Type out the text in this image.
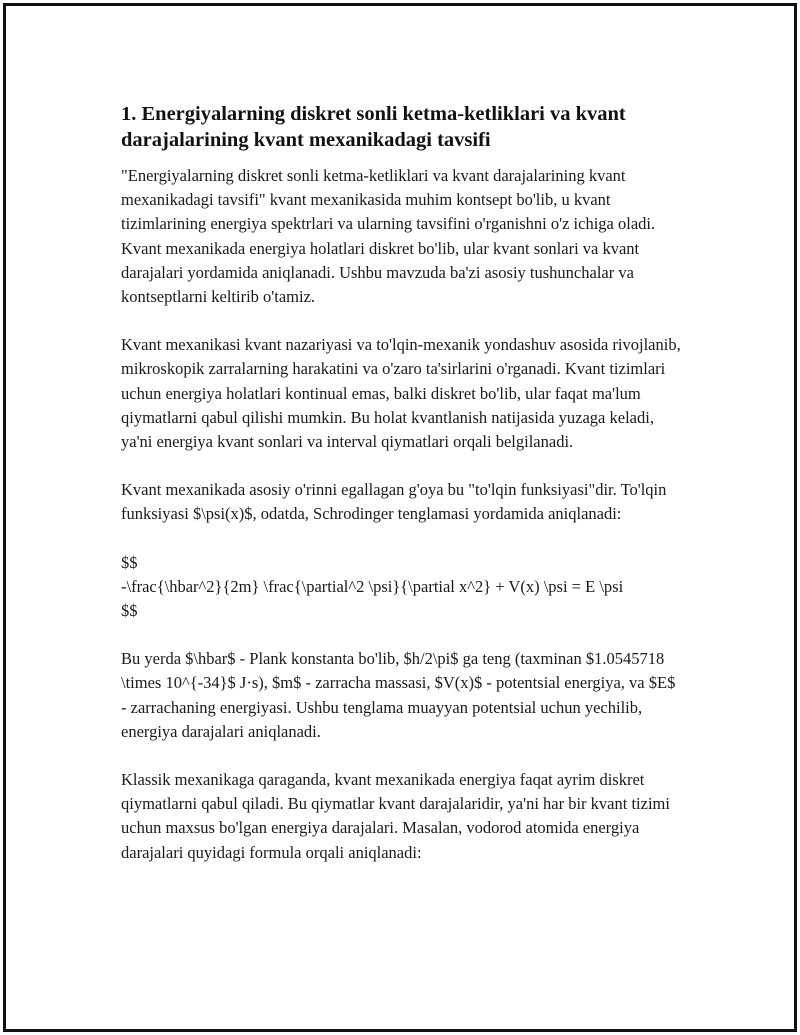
1. Energiyalarning diskret sonli ketma-ketliklari va kvant darajalarining kvant mexanikadagi tavsifi

"Energiyalarning diskret sonli ketma-ketliklari va kvant darajalarining kvant mexanikadagi tavsifi" kvant mexanikasida muhim kontsept bo'lib, u kvant tizimlarining energiya spektrlari va ularning tavsifini o'rganishni o'z ichiga oladi. Kvant mexanikada energiya holatlari diskret bo'lib, ular kvant sonlari va kvant darajalari yordamida aniqlanadi. Ushbu mavzuda ba'zi asosiy tushunchalar va kontseptlarni keltirib o'tamiz.

Kvant mexanikasi kvant nazariyasi va to'lqin-mexanik yondashuv asosida rivojlanib, mikroskopik zarralarning harakatini va o'zaro ta'sirlarini o'rganadi. Kvant tizimlari uchun energiya holatlari kontinual emas, balki diskret bo'lib, ular faqat ma'lum qiymatlarni qabul qilishi mumkin. Bu holat kvantlanish natijasida yuzaga keladi, ya'ni energiya kvant sonlari va interval qiymatlari orqali belgilanadi.

Kvant mexanikada asosiy o'rinni egallagan g'oya bu "to'lqin funksiyasi"dir. To'lqin funksiyasi $\psi(x)$, odatda, Schrodinger tenglamasi yordamida aniqlanadi:

$$
-\frac{\hbar^2}{2m} \frac{\partial^2 \psi}{\partial x^2} + V(x) \psi = E \psi
$$

Bu yerda $\hbar$ - Plank konstanta bo'lib, $h/2\pi$ ga teng (taxminan $1.0545718 \times 10^{-34}$ J·s), $m$ - zarracha massasi, $V(x)$ - potentsial energiya, va $E$ - zarrachaning energiyasi. Ushbu tenglama muayyan potentsial uchun yechilib, energiya darajalari aniqlanadi.

Klassik mexanikaga qaraganda, kvant mexanikada energiya faqat ayrim diskret qiymatlarni qabul qiladi. Bu qiymatlar kvant darajalaridir, ya'ni har bir kvant tizimi uchun maxsus bo'lgan energiya darajalari. Masalan, vodorod atomida energiya darajalari quyidagi formula orqali aniqlanadi:
